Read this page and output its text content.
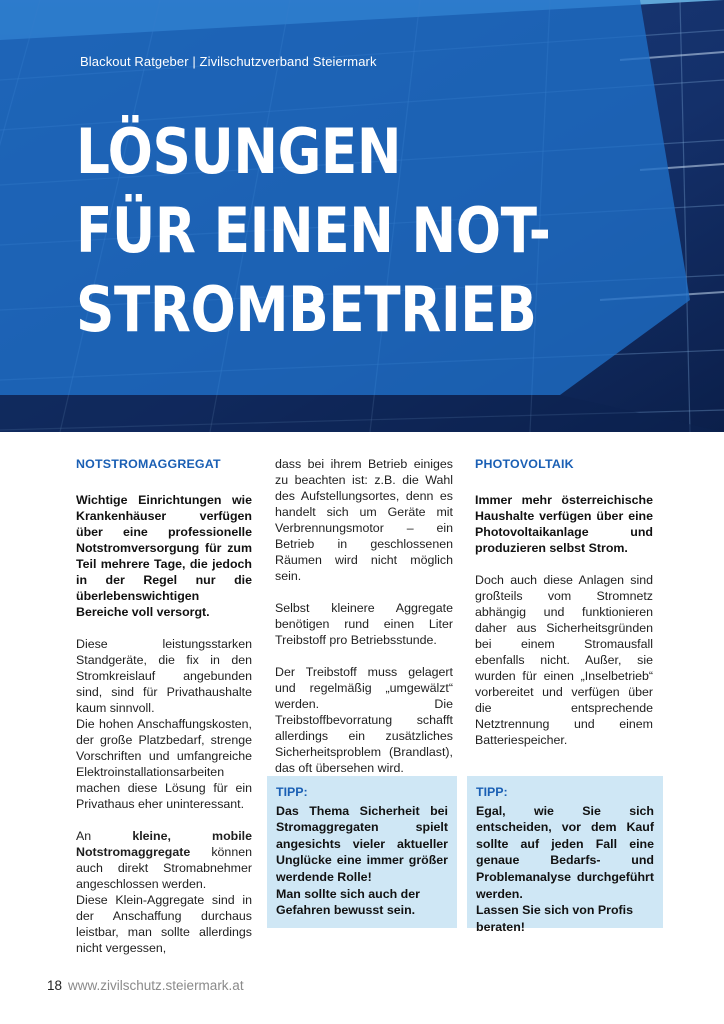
Blackout Ratgeber | Zivilschutzverband Steiermark
LÖSUNGEN
FÜR EINEN NOT-
STROMBETRIEB
NOTSTROMAGGREGAT

Wichtige Einrichtungen wie Krankenhäuser verfügen über eine professionelle Notstromversorgung für zum Teil mehrere Tage, die jedoch in der Regel nur die überlebenswichtigen Bereiche voll versorgt.

Diese leistungsstarken Standgeräte, die fix in den Stromkreislauf angebunden sind, sind für Privathaushalte kaum sinnvoll.
Die hohen Anschaffungskosten, der große Platzbedarf, strenge Vorschriften und umfangreiche Elektroinstallationsarbeiten machen diese Lösung für ein Privathaus eher uninteressant.

An kleine, mobile Notstromaggregate können auch direkt Stromabnehmer angeschlossen werden.
Diese Klein-Aggregate sind in der Anschaffung durchaus leistbar, man sollte allerdings nicht vergessen,

dass bei ihrem Betrieb einiges zu beachten ist: z.B. die Wahl des Aufstellungsortes, denn es handelt sich um Geräte mit Verbrennungsmotor – ein Betrieb in geschlossenen Räumen wird nicht möglich sein.

Selbst kleinere Aggregate benötigen rund einen Liter Treibstoff pro Betriebsstunde.

Der Treibstoff muss gelagert und regelmäßig „umgewälzt“ werden. Die Treibstoffbevorratung schafft allerdings ein zusätzliches Sicherheitsproblem (Brandlast), das oft übersehen wird.

PHOTOVOLTAIK

Immer mehr österreichische Haushalte verfügen über eine Photovoltaikanlage und produzieren selbst Strom.

Doch auch diese Anlagen sind großteils vom Stromnetz abhängig und funktionieren daher aus Sicherheitsgründen bei einem Stromausfall ebenfalls nicht. Außer, sie wurden für einen „Inselbetrieb“ vorbereitet und verfügen über die entsprechende Netztrennung und einem Batteriespeicher.

TIPP:

Das Thema Sicherheit bei Stromaggregaten spielt angesichts vieler aktueller Unglücke eine immer größer werdende Rolle!

Man sollte sich auch der Gefahren bewusst sein.

TIPP:

Egal, wie Sie sich entscheiden, vor dem Kauf sollte auf jeden Fall eine genaue Bedarfs- und Problemanalyse durchgeführt werden.

Lassen Sie sich von Profis beraten!

18 www.zivilschutz.steiermark.at
